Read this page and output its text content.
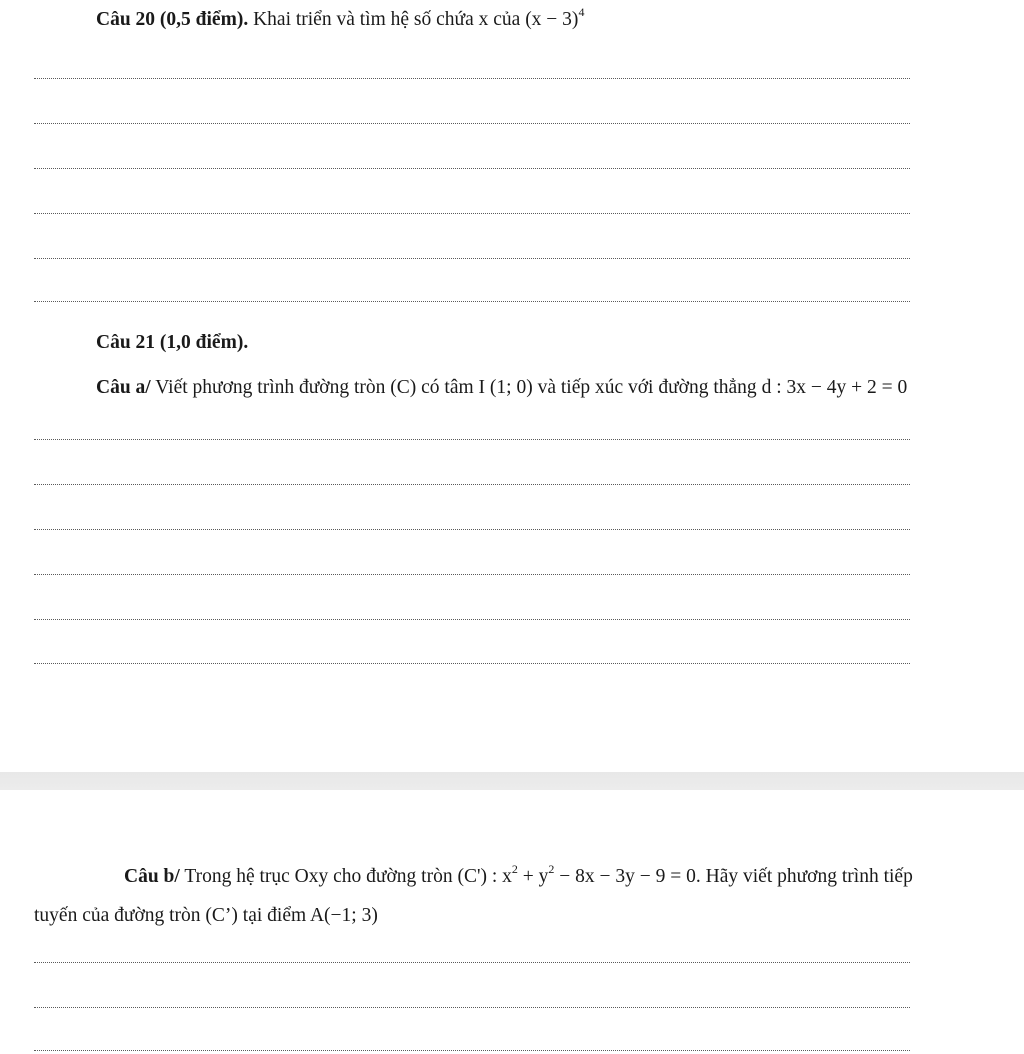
Câu 20 (0,5 điểm). Khai triển và tìm hệ số chứa x của $(x - 3)^4$
Câu 21 (1,0 điểm).
Câu a/ Viết phương trình đường tròn (C) có tâm I (1; 0) và tiếp xúc với đường thẳng d : 3x − 4y + 2 = 0
Câu b/ Trong hệ trục Oxy cho đường tròn (C') : $x^2 + y^2 - 8x - 3y - 9 = 0$. Hãy viết phương trình tiếp
tuyến của đường tròn (C’) tại điểm A(−1; 3)
